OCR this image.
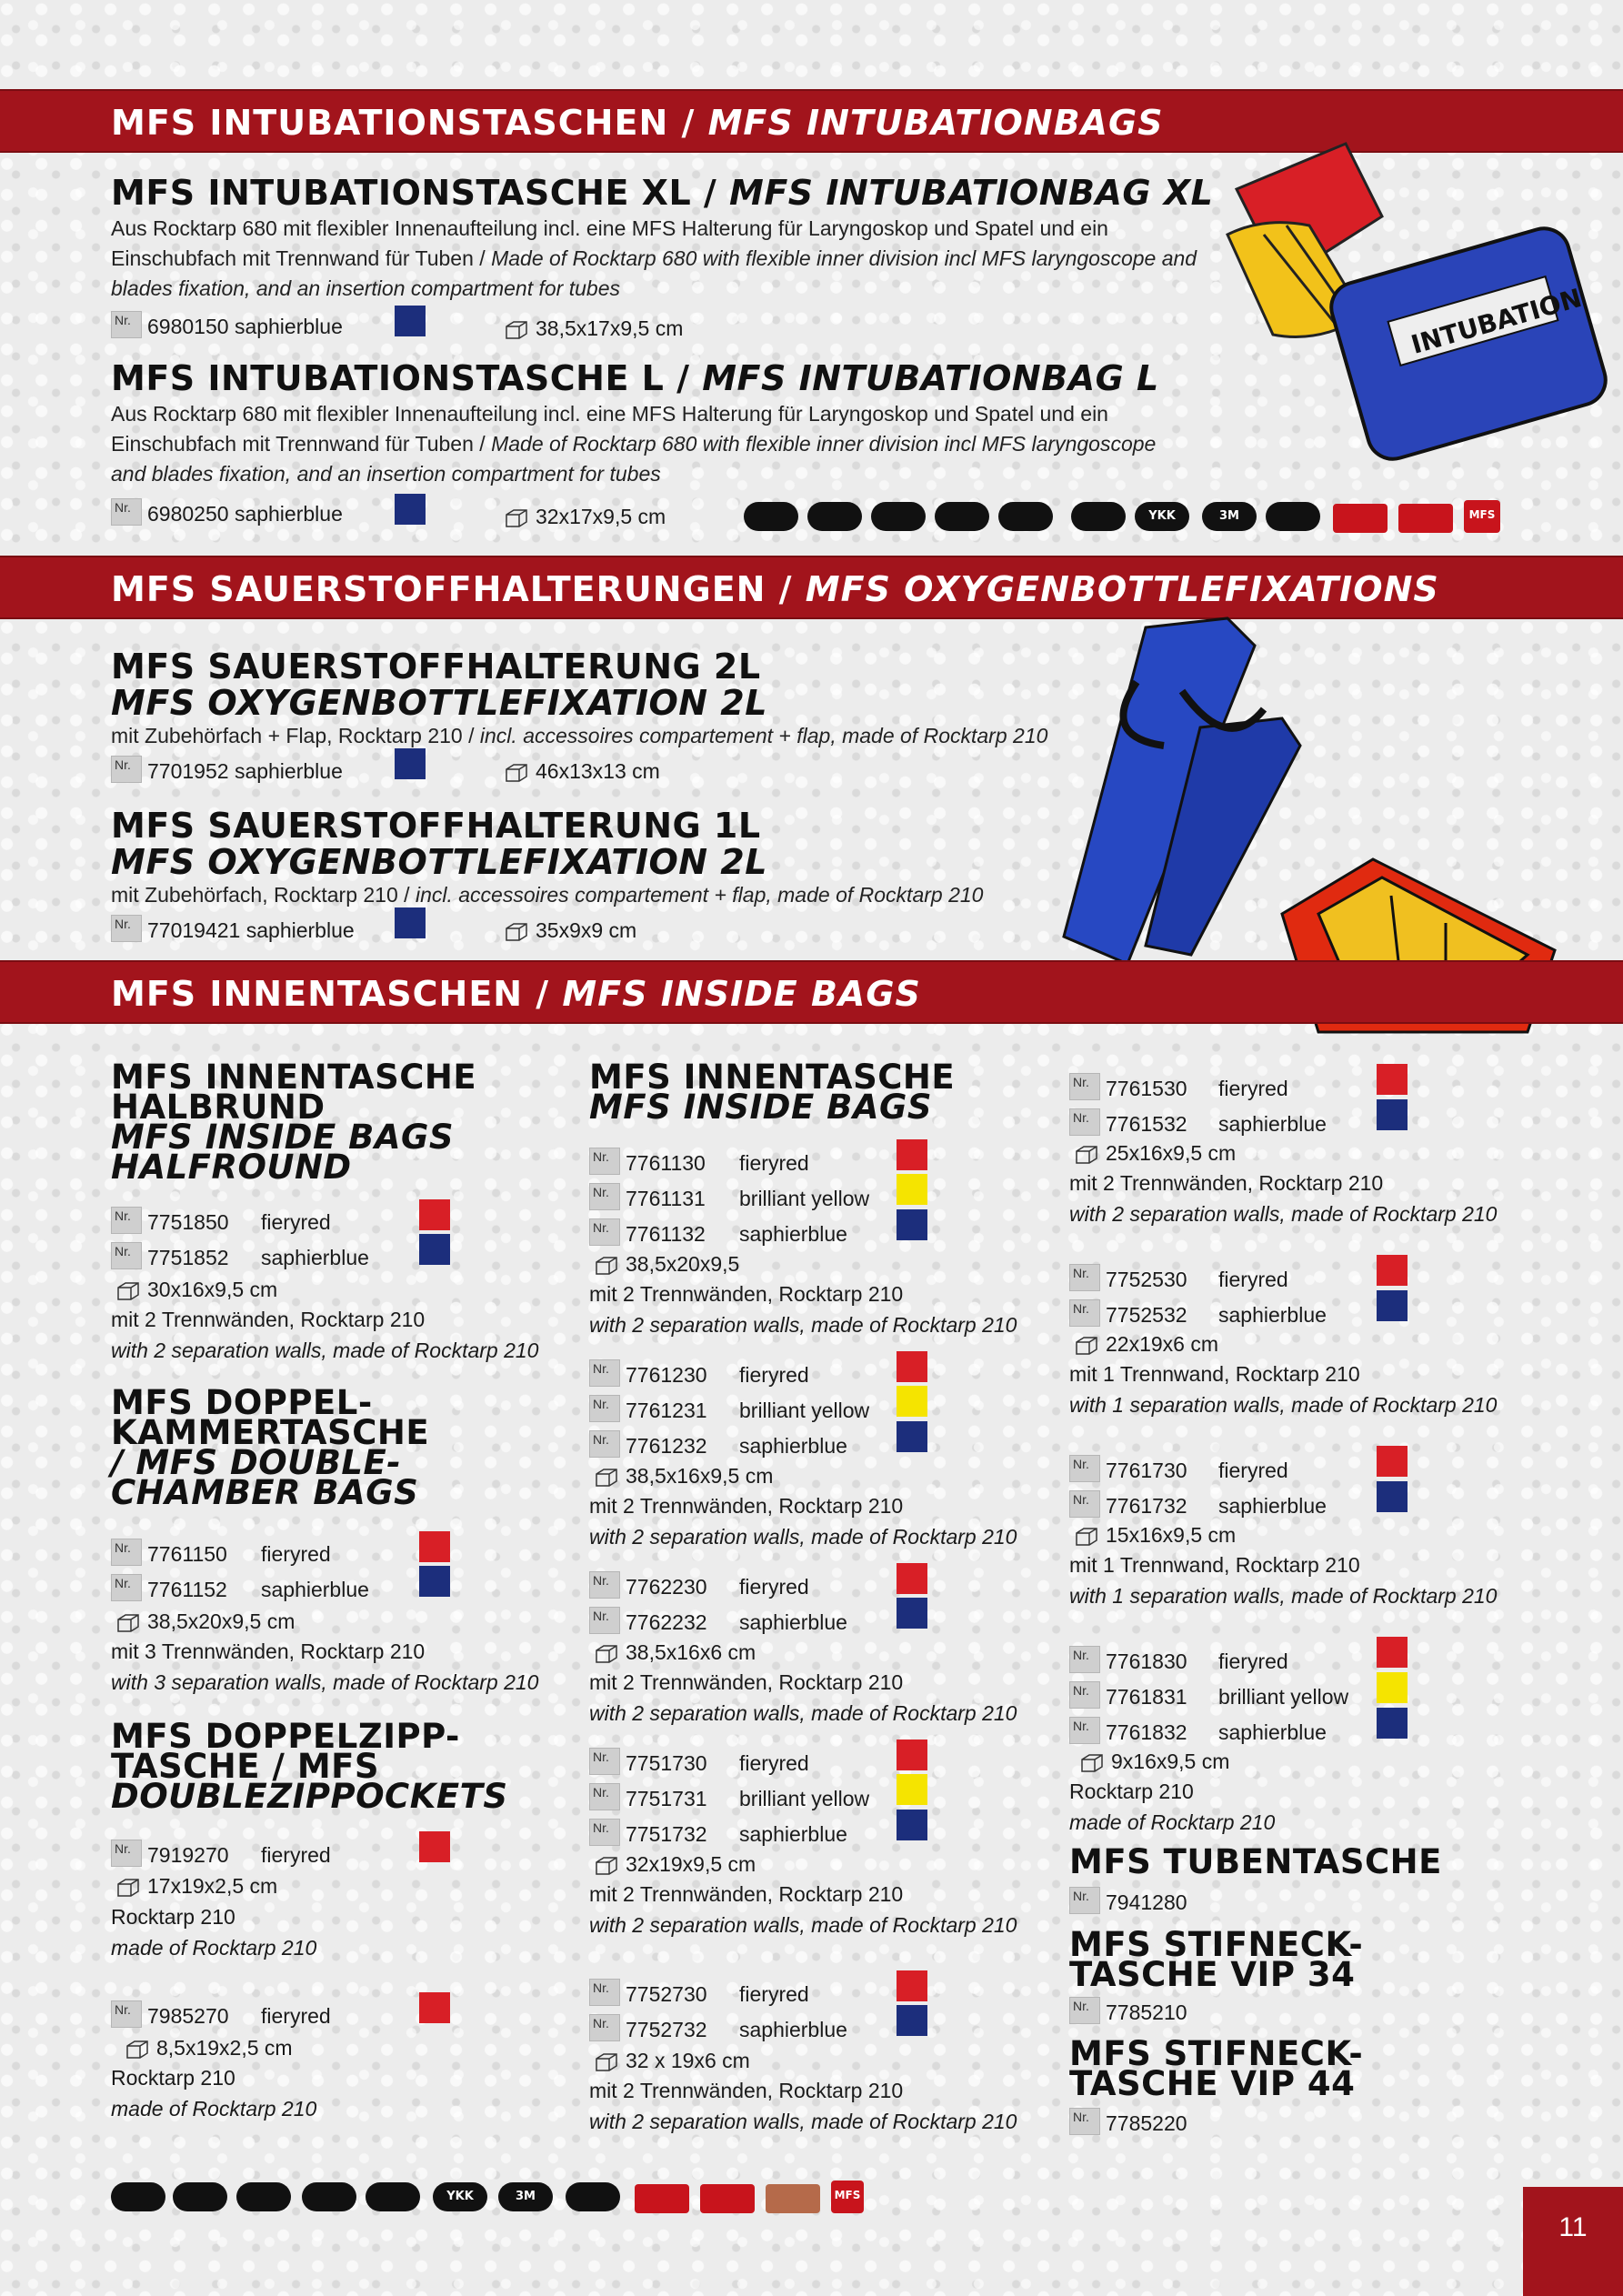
MFS INTUBATIONSTASCHEN / MFS INTUBATIONBAGS
MFS INTUBATIONSTASCHE XL / MFS INTUBATIONBAG XL
Aus Rocktarp 680 mit flexibler Innenaufteilung incl. eine MFS Halterung für Laryngoskop und Spatel und ein Einschubfach mit Trennwand für Tuben / Made of Rocktarp 680 with flexible inner division incl MFS laryngoscope and blades fixation, and an insertion compartment for tubes
Nr. 6980150 saphierblue	38,5x17x9,5 cm
MFS INTUBATIONSTASCHE L / MFS INTUBATIONBAG L
Aus Rocktarp 680 mit flexibler Innenaufteilung incl. eine MFS Halterung für Laryngoskop und Spatel und ein Einschubfach mit Trennwand für Tuben / Made of Rocktarp 680 with flexible inner division incl MFS laryngoscope and blades fixation, and an insertion compartment for tubes
Nr. 6980250 saphierblue	32x17x9,5 cm	YKK	3M	MFS
INTUBATION
MFS SAUERSTOFFHALTERUNGEN / MFS OXYGENBOTTLEFIXATIONS
MFS SAUERSTOFFHALTERUNG 2L
MFS OXYGENBOTTLEFIXATION 2L
mit Zubehörfach + Flap, Rocktarp 210 / incl. accessoires compartement + flap, made of Rocktarp 210
Nr. 7701952 saphierblue	46x13x13 cm
MFS SAUERSTOFFHALTERUNG 1L
MFS OXYGENBOTTLEFIXATION 2L
mit Zubehörfach, Rocktarp 210 / incl. accessoires compartement + flap, made of Rocktarp 210
Nr. 77019421 saphierblue	35x9x9 cm
MFS INNENTASCHEN / MFS INSIDE BAGS
MFS INNENTASCHE
HALBRUND
MFS INSIDE BAGS
HALFROUND
Nr. 7751850 fieryred
Nr. 7751852 saphierblue
30x16x9,5 cm
mit 2 Trennwänden, Rocktarp 210
with 2 separation walls, made of Rocktarp 210
MFS DOPPEL-
KAMMERTASCHE
/ MFS DOUBLE-
CHAMBER BAGS
Nr. 7761150 fieryred
Nr. 7761152 saphierblue
38,5x20x9,5 cm
mit 3 Trennwänden, Rocktarp 210
with 3 separation walls, made of Rocktarp 210
MFS DOPPELZIPP-
TASCHE / MFS
DOUBLEZIPPOCKETS
Nr. 7919270 fieryred
17x19x2,5 cm
Rocktarp 210
made of Rocktarp 210
Nr. 7985270 fieryred
8,5x19x2,5 cm
Rocktarp 210
made of Rocktarp 210
MFS INNENTASCHE
MFS INSIDE BAGS
Nr. 7761130 fieryred
Nr. 7761131 brilliant yellow
Nr. 7761132 saphierblue
38,5x20x9,5
mit 2 Trennwänden, Rocktarp 210
with 2 separation walls, made of Rocktarp 210
Nr. 7761230 fieryred
Nr. 7761231 brilliant yellow
Nr. 7761232 saphierblue
38,5x16x9,5 cm
mit 2 Trennwänden, Rocktarp 210
with 2 separation walls, made of Rocktarp 210
Nr. 7762230 fieryred
Nr. 7762232 saphierblue
38,5x16x6 cm
mit 2 Trennwänden, Rocktarp 210
with 2 separation walls, made of Rocktarp 210
Nr. 7751730 fieryred
Nr. 7751731 brilliant yellow
Nr. 7751732 saphierblue
32x19x9,5 cm
mit 2 Trennwänden, Rocktarp 210
with 2 separation walls, made of Rocktarp 210
Nr. 7752730 fieryred
Nr. 7752732 saphierblue
32 x 19x6 cm
mit 2 Trennwänden, Rocktarp 210
with 2 separation walls, made of Rocktarp 210
Nr. 7761530 fieryred
Nr. 7761532 saphierblue
25x16x9,5 cm
mit 2 Trennwänden, Rocktarp 210
with 2 separation walls, made of Rocktarp 210
Nr. 7752530 fieryred
Nr. 7752532 saphierblue
22x19x6 cm
mit 1 Trennwand, Rocktarp 210
with 1 separation walls, made of Rocktarp 210
Nr. 7761730 fieryred
Nr. 7761732 saphierblue
15x16x9,5 cm
mit 1 Trennwand, Rocktarp 210
with 1 separation walls, made of Rocktarp 210
Nr. 7761830 fieryred
Nr. 7761831 brilliant yellow
Nr. 7761832 saphierblue
9x16x9,5 cm
Rocktarp 210
made of Rocktarp 210
MFS TUBENTASCHE
Nr. 7941280
MFS STIFNECK-
TASCHE VIP 34
Nr. 7785210
MFS STIFNECK-
TASCHE VIP 44
Nr. 7785220
YKK	3M	MFS
11
